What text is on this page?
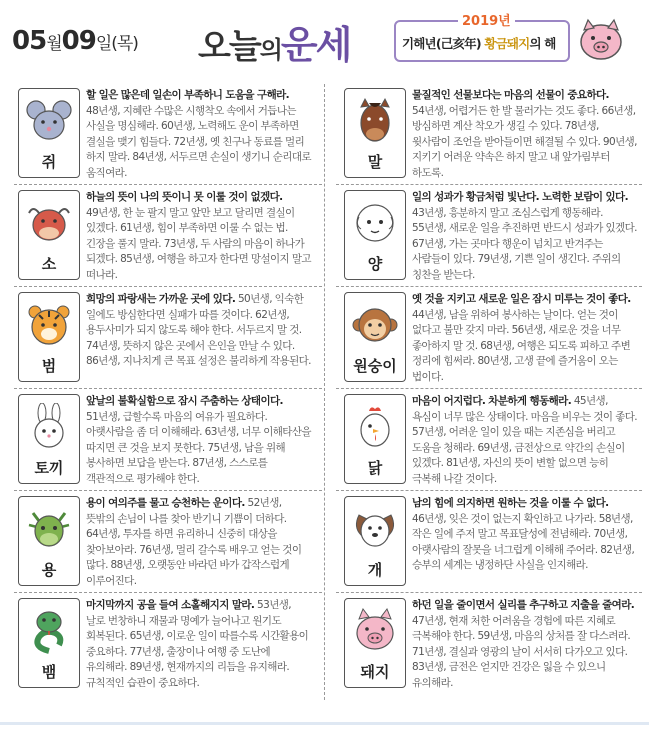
05월09일(목) 오늘의운세
2019년
기해년(己亥年) 황금돼지의 해
쥐
할 일은 많은데 일손이 부족하니 도움을 구해라. 48년생, 지혜란 수많은 시행착오 속에서 거듭나는 사실을 명심해라. 60년생, 노력해도 운이 부족하면 결실을 맺기 힘들다. 72년생, 옛 친구나 동료를 멀리 하지 말라. 84년생, 서두르면 손실이 생기니 순리대로 움직여라.
말
물질적인 선물보다는 마음의 선물이 중요하다. 54년생, 어렵거든 한 발 물러가는 것도 좋다. 66년생, 방심하면 계산 착오가 생길 수 있다. 78년생, 윗사람이 조언을 받아들이면 해결될 수 있다. 90년생, 지키기 어려운 약속은 하지 말고 내 앞가림부터 하도록.
소
하늘의 뜻이 나의 뜻이니 못 이룰 것이 없겠다. 49년생, 한 눈 팔지 말고 앞만 보고 달리면 결실이 있겠다. 61년생, 힘이 부족하면 이룰 수 없는 법. 긴장을 풀지 말라. 73년생, 두 사람의 마음이 하나가 되겠다. 85년생, 여행을 하고자 한다면 망설이지 말고 떠나라.
양
일의 성과가 황금처럼 빛난다. 노력한 보람이 있다. 43년생, 흥분하지 말고 조심스럽게 행동해라. 55년생, 새로운 일을 추진하면 반드시 성과가 있겠다. 67년생, 가는 곳마다 행운이 넘치고 반겨주는 사람들이 있다. 79년생, 기쁜 일이 생긴다. 주위의 칭찬을 받는다.
범
희망의 파랑새는 가까운 곳에 있다. 50년생, 익숙한 일에도 방심한다면 실패가 따를 것이다. 62년생, 용두사미가 되지 않도록 해야 한다. 서두르지 말 것. 74년생, 뜻하지 않은 곳에서 은인을 만날 수 있다. 86년생, 지나치게 큰 목표 설정은 불리하게 작용된다.	원숭이
옛 것을 지키고 새로운 일은 잠시 미루는 것이 좋다. 44년생, 남을 위하여 봉사하는 날이다. 얻는 것이 없다고 불만 갖지 마라. 56년생, 새로운 것을 너무 좋아하지 말 것. 68년생, 여행은 되도록 피하고 주변 정리에 힘써라. 80년생, 고생 끝에 즐거움이 오는 법이다.
토끼
앞날의 불확실함으로 잠시 주춤하는 상태이다. 51년생, 급할수록 마음의 여유가 필요하다. 아랫사람을 좀 더 이해해라. 63년생, 너무 이해타산을 따지면 큰 것을 보지 못한다. 75년생, 남을 위해 봉사하면 보답을 받는다. 87년생, 스스로를 객관적으로 평가해야 한다.
닭
마음이 어지럽다. 차분하게 행동해라. 45년생, 욕심이 너무 많은 상태이다. 마음을 비우는 것이 좋다. 57년생, 어려운 일이 있을 때는 지존심을 버리고 도움을 청해라. 69년생, 금전상으로 약간의 손실이 있겠다. 81년생, 자신의 뜻이 변할 없으면 능히 극복해 나갈 것이다.
용
용이 여의주를 물고 승천하는 운이다. 52년생, 뜻밖의 손님이 나를 찾아 반기니 기쁨이 더하다. 64년생, 투자를 하면 유리하니 신중히 대상을 찾아보아라. 76년생, 멀리 갈수록 배우고 얻는 것이 많다. 88년생, 오랫동안 바라던 바가 갑작스럽게 이루어진다.
개
남의 힘에 의지하면 원하는 것을 이룰 수 없다. 46년생, 잊은 것이 없는지 확인하고 나가라. 58년생, 작은 일에 주저 말고 목표달성에 전념해라. 70년생, 아랫사람의 잘못을 너그럽게 이해해 주어라. 82년생, 승부의 세계는 냉정하단 사실을 인지해라.
뱀
마지막까지 공을 들여 소홀해지지 말라. 53년생, 날로 번창하니 재물과 명예가 늘어나고 원기도 회복된다. 65년생, 이로운 일이 따를수록 시간활용이 중요하다. 77년생, 출장이나 여행 중 도난에 유의해라. 89년생, 현재까지의 리듬을 유지해라. 규칙적인 습관이 중요하다.
돼지
하던 일을 줄이면서 실리를 추구하고 지출을 줄여라. 47년생, 현재 처한 어려움을 경험에 따른 지혜로 극복해야 한다. 59년생, 마음의 상처를 잘 다스려라. 71년생, 결실과 영광의 날이 서서히 다가오고 있다. 83년생, 금전은 얻지만 건강은 잃을 수 있으니 유의해라.
